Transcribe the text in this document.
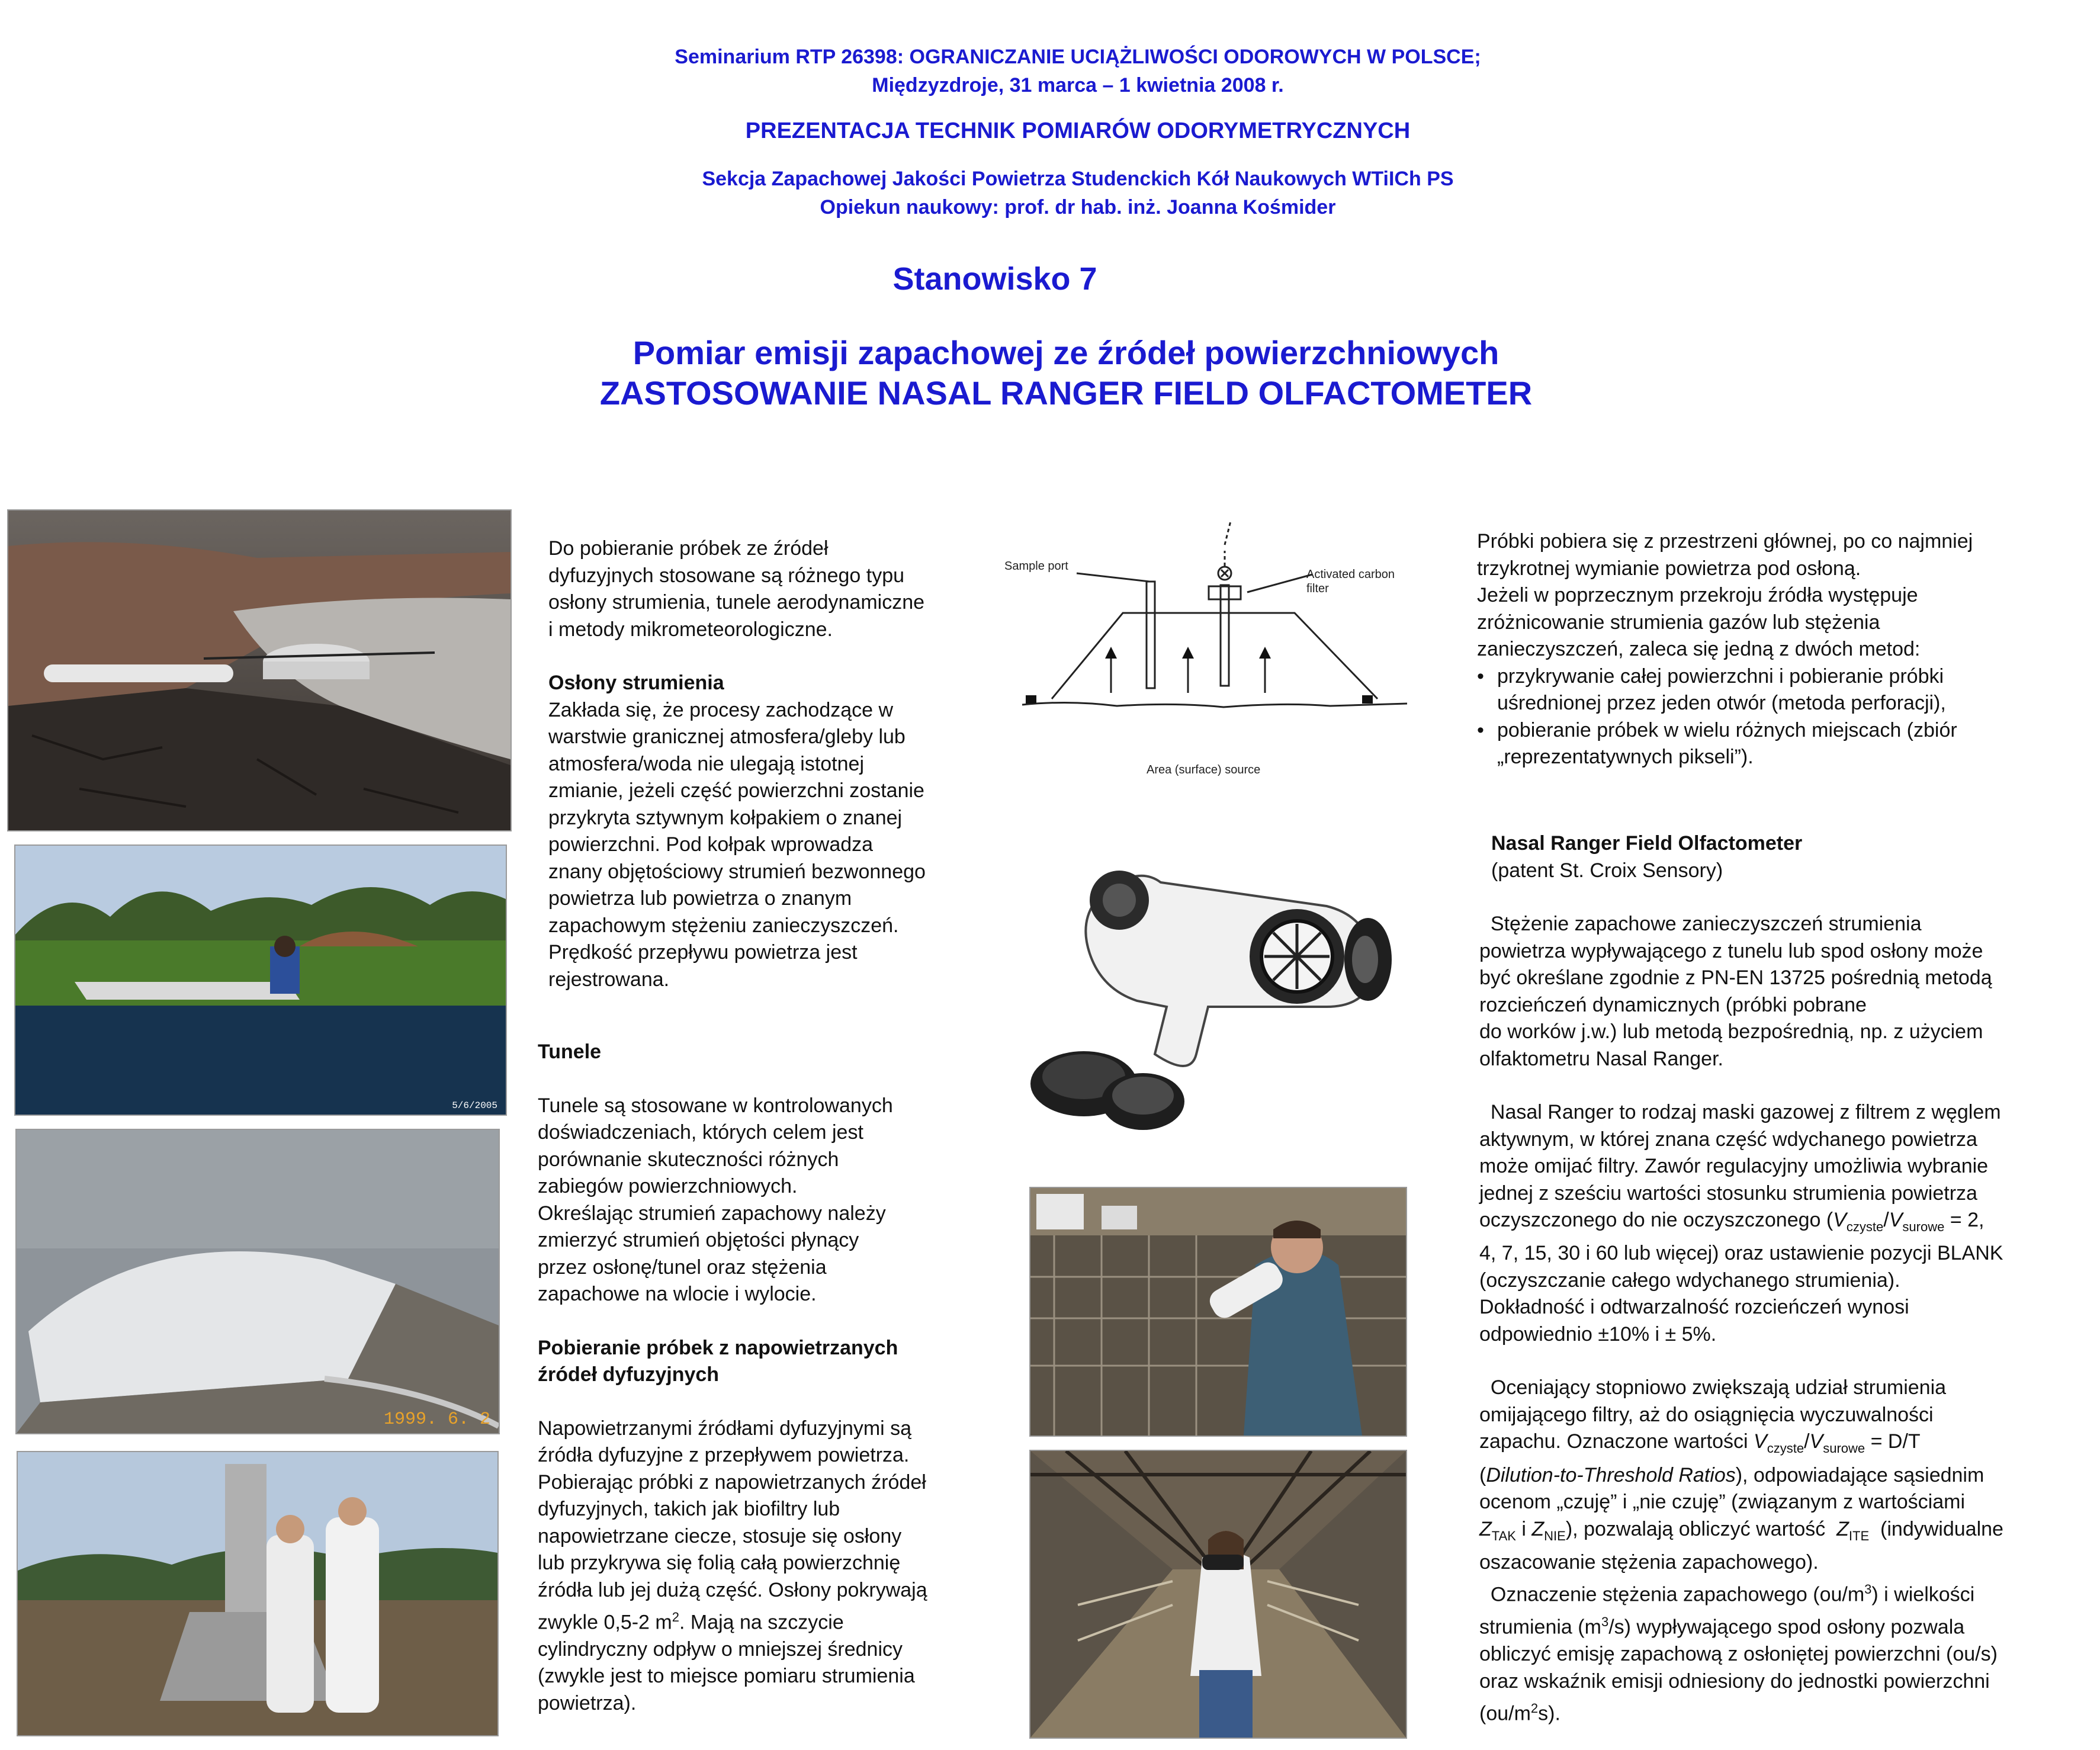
Seminarium RTP 26398: OGRANICZANIE UCIĄŻLIWOŚCI ODOROWYCH W POLSCE;
Międzyzdroje, 31 marca – 1 kwietnia 2008 r.
PREZENTACJA TECHNIK POMIARÓW ODORYMETRYCZNYCH
Sekcja Zapachowej Jakości Powietrza Studenckich Kół Naukowych WTiICh PS
Opiekun naukowy: prof. dr hab. inż. Joanna Kośmider
Stanowisko 7
Pomiar emisji zapachowej ze źródeł powierzchniowych
ZASTOSOWANIE NASAL RANGER FIELD OLFACTOMETER
5/6/2005
1999. 6. 2

Do pobieranie próbek ze źródeł

dyfuzyjnych stosowane są różnego typu

osłony strumienia, tunele aerodynamiczne

i metody mikrometeorologiczne.

Osłony strumienia

Zakłada się, że procesy zachodzące w

warstwie granicznej atmosfera/gleby lub

atmosfera/woda nie ulegają istotnej

zmianie, jeżeli część powierzchni zostanie

przykryta sztywnym kołpakiem o znanej

powierzchni. Pod kołpak wprowadza

znany objętościowy strumień bezwonnego

powietrza lub powietrza o znanym

zapachowym stężeniu zanieczyszczeń.

Prędkość przepływu powietrza jest

rejestrowana.

Tunele

Tunele są stosowane w kontrolowanych

doświadczeniach, których celem jest

porównanie skuteczności różnych

zabiegów powierzchniowych.

Określając strumień zapachowy należy

zmierzyć strumień objętości płynący

przez osłonę/tunel oraz stężenia

zapachowe na wlocie i wylocie.

Pobieranie próbek z napowietrzanych

źródeł dyfuzyjnych

Napowietrzanymi źródłami dyfuzyjnymi są

źródła dyfuzyjne z przepływem powietrza.

Pobierając próbki z napowietrzanych źródeł

dyfuzyjnych, takich jak biofiltry lub

napowietrzane ciecze, stosuje się osłony

lub przykrywa się folią całą powierzchnię

źródła lub jej dużą część. Osłony pokrywają

zwykle 0,5-2 $m^2$. Mają na szczycie

cylindryczny odpływ o mniejszej średnicy

(zwykle jest to miejsce pomiaru strumienia

powietrza).

Sample port
Activated carbon
filter
Area (surface) source

Próbki pobiera się z przestrzeni głównej, po co najmniej

trzykrotnej wymianie powietrza pod osłoną.

Jeżeli w poprzecznym przekroju źródła występuje

zróżnicowanie strumienia gazów lub stężenia

zanieczyszczeń, zaleca się jedną z dwóch metod:

• przykrywanie całej powierzchni i pobieranie próbki
uśrednionej przez jeden otwór (metoda perforacji),
• pobieranie próbek w wielu różnych miejscach (zbiór
„reprezentatywnych pikseli”).

Nasal Ranger Field Olfactometer

(patent St. Croix Sensory)

Stężenie zapachowe zanieczyszczeń strumienia

powietrza wypływającego z tunelu lub spod osłony może

być określane zgodnie z PN-EN 13725 pośrednią metodą

rozcieńczeń dynamicznych (próbki pobrane

do worków j.w.) lub metodą bezpośrednią, np. z użyciem

olfaktometru Nasal Ranger.

Nasal Ranger to rodzaj maski gazowej z filtrem z węglem

aktywnym, w której znana część wdychanego powietrza

może omijać filtry. Zawór regulacyjny umożliwia wybranie

jednej z sześciu wartości stosunku strumienia powietrza

oczyszczonego do nie oczyszczonego ($V_{czyste}/V_{surowe} = 2$,

4, 7, 15, 30 i 60 lub więcej) oraz ustawienie pozycji BLANK

(oczyszczanie całego wdychanego strumienia).

Dokładność i odtwarzalność rozcieńczeń wynosi

odpowiednio ±10% i ± 5%.

Oceniający stopniowo zwiększają udział strumienia

omijającego filtry, aż do osiągnięcia wyczuwalności

zapachu. Oznaczone wartości $V_{czyste}/V_{surowe} = D/T$

(Dilution-to-Threshold Ratios), odpowiadające sąsiednim

ocenom „czuję” i „nie czuję” (związanym z wartościami

$Z_{TAK}$ i $Z_{NIE}$), pozwalają obliczyć wartość  $Z_{ITE}$  (indywidualne

oszacowanie stężenia zapachowego).

Oznaczenie stężenia zapachowego $(ou/m^3)$ i wielkości

strumienia $(m^3/s)$ wypływającego spod osłony pozwala

obliczyć emisję zapachową z osłoniętej powierzchni (ou/s)

oraz wskaźnik emisji odniesiony do jednostki powierzchni

$(ou/m^2s)$.
